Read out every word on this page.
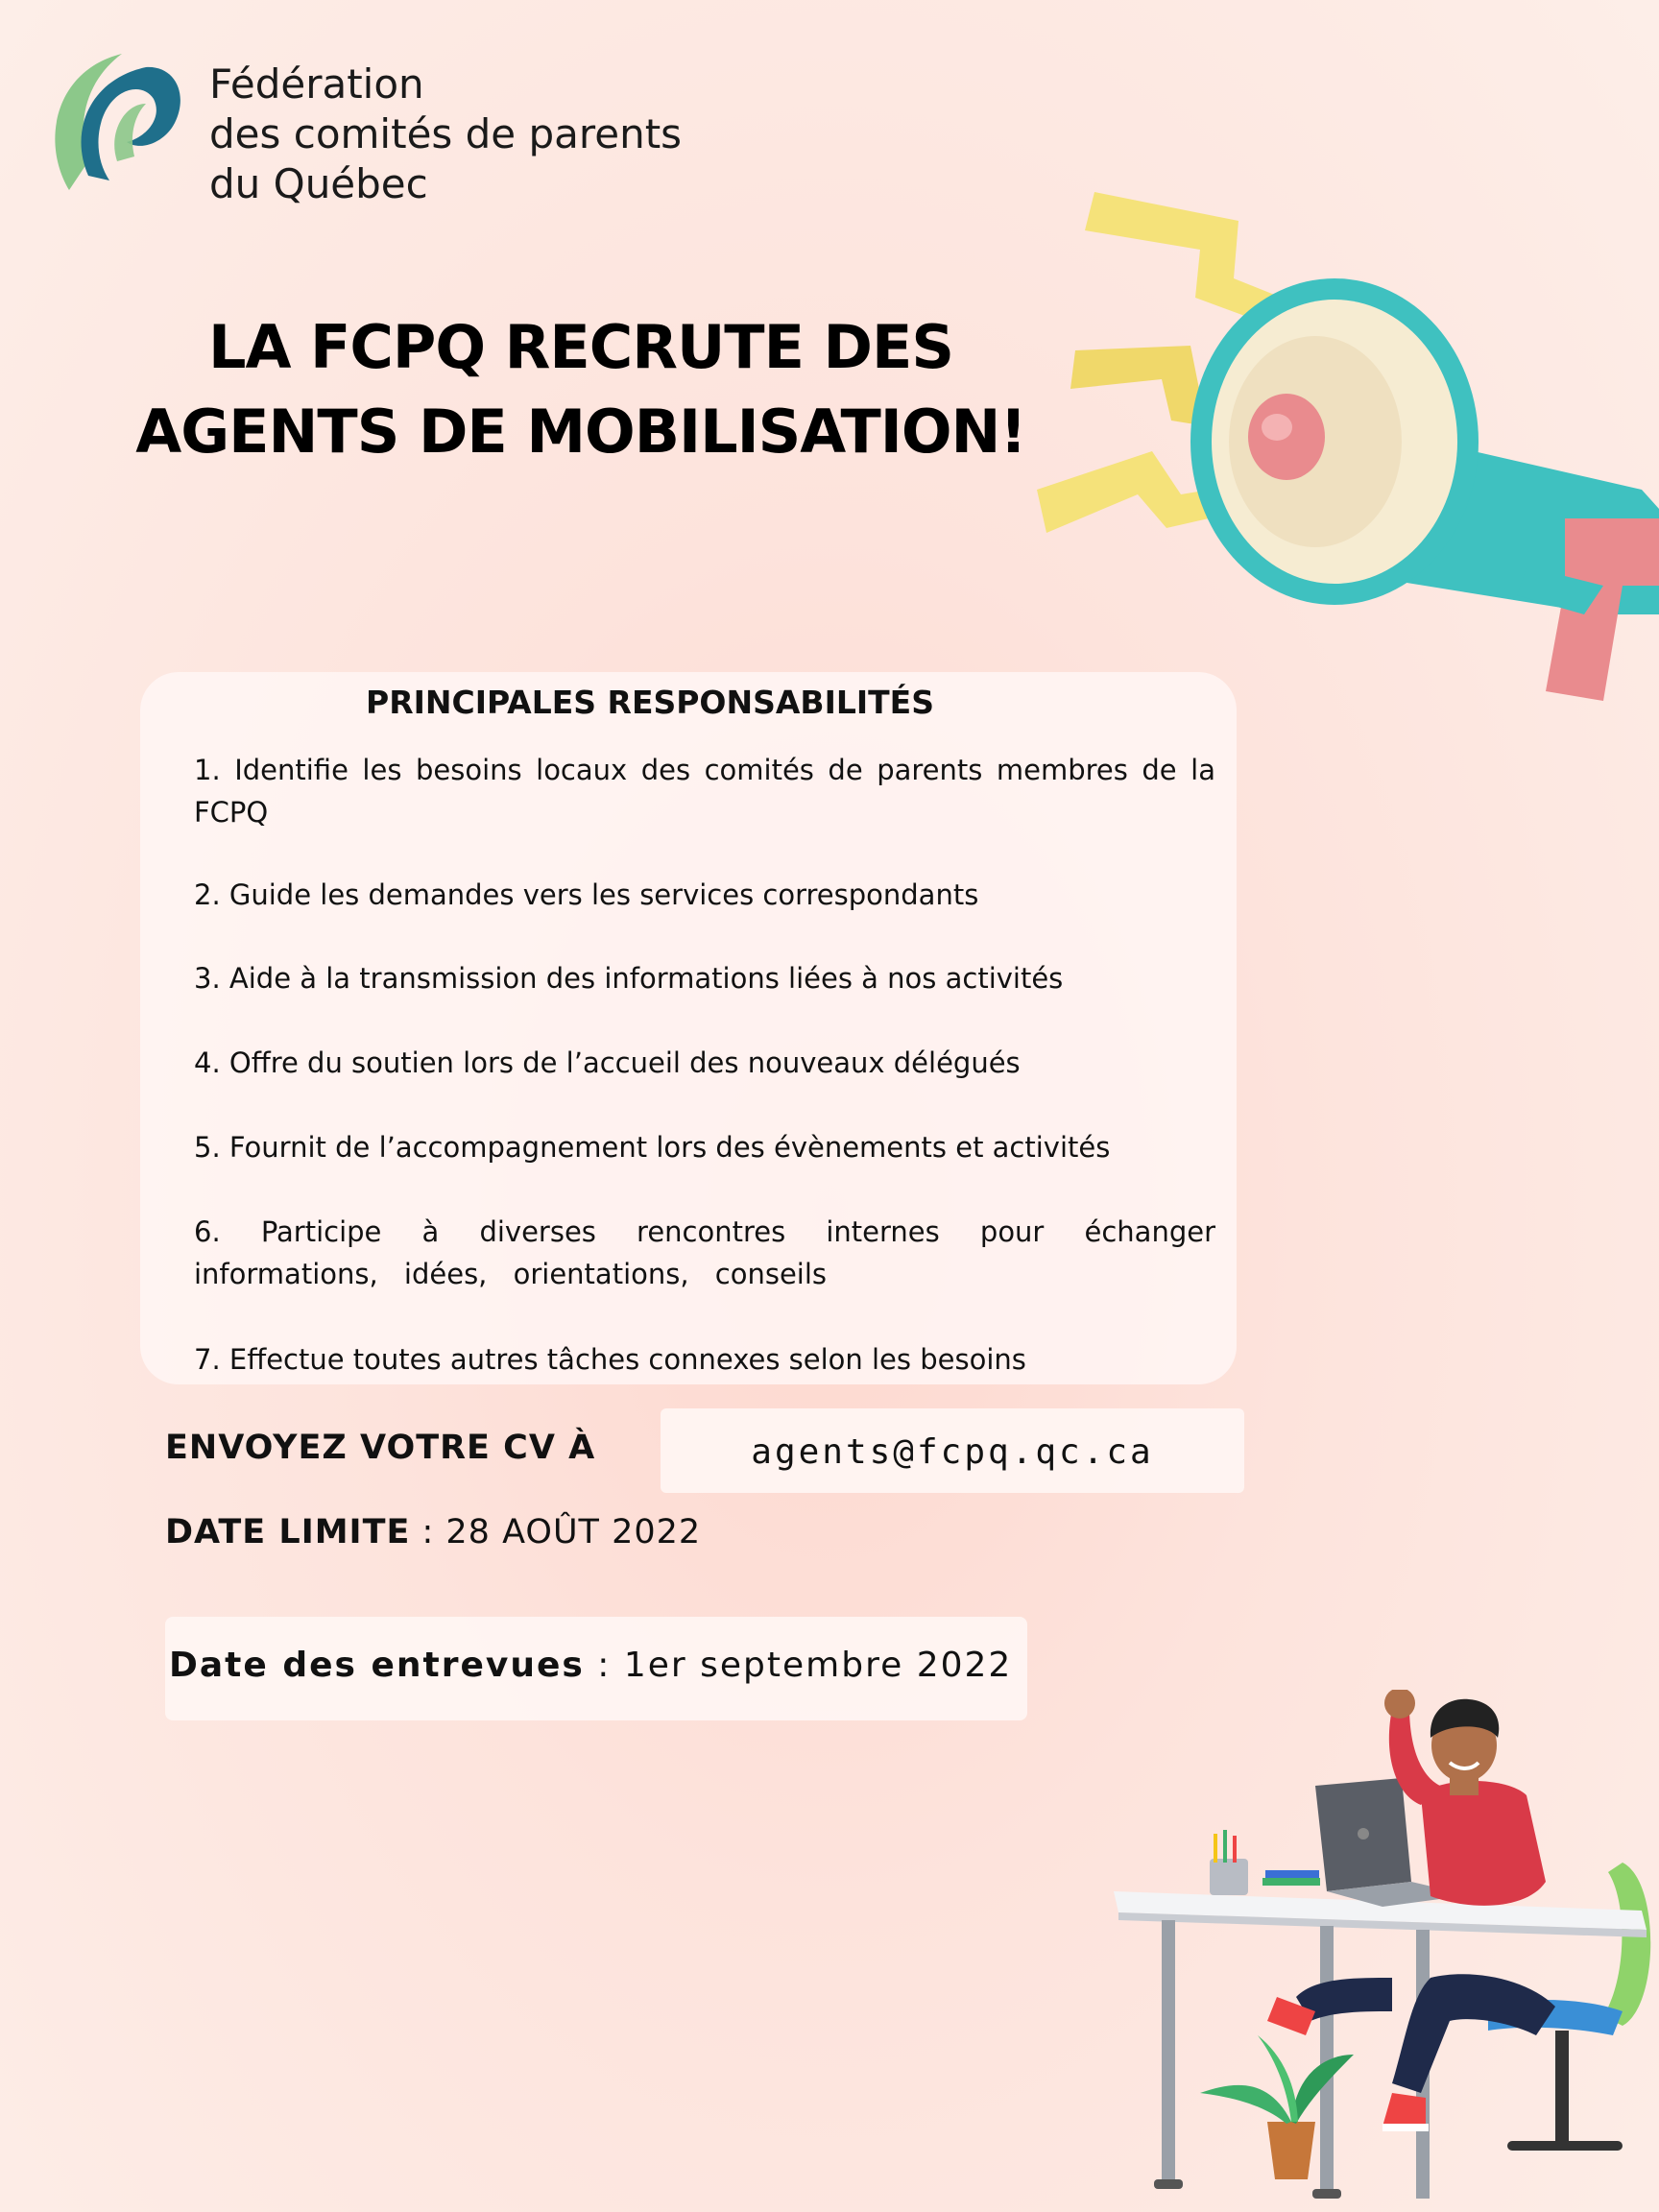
Fédération
des comités de parents
du Québec
LA FCPQ RECRUTE DES
AGENTS DE MOBILISATION!
PRINCIPALES RESPONSABILITÉS
1. Identifie les besoins locaux des comités de parents membres de la FCPQ
2. Guide les demandes vers les services correspondants
3. Aide à la transmission des informations liées à nos activités
4. Offre du soutien lors de l’accueil des nouveaux délégués
5. Fournit de l’accompagnement lors des évènements et activités
6. Participe à diverses rencontres internes pour échanger informations, idées, orientations, conseils
7. Effectue toutes autres tâches connexes selon les besoins
ENVOYEZ VOTRE CV À	agents@fcpq.qc.ca
DATE LIMITE : 28 AOÛT 2022
Date des entrevues : 1er septembre 2022
